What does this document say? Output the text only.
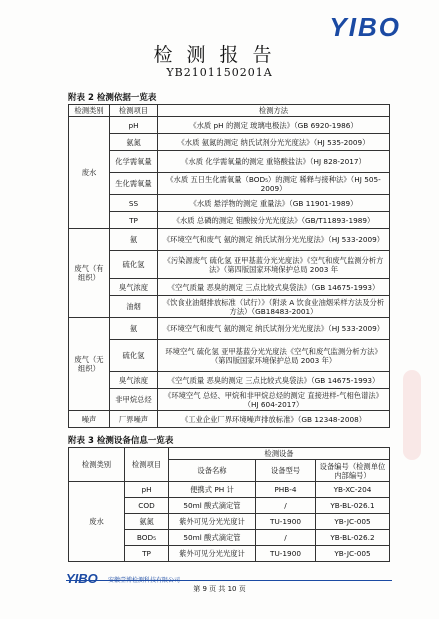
YIBO
检测报告
YB2101150201A
附表 2 检测依据一览表
检测类别	检测项目	检测方法
废水	pH	《水质 pH 的测定 玻璃电极法》（GB 6920-1986）
	氨氮	《水质 氨氮的测定 纳氏试剂分光光度法》（HJ 535-2009）
	化学需氧量	《水质 化学需氧量的测定 重铬酸盐法》（HJ 828-2017）
	生化需氧量	《水质 五日生化需氧量（BOD₅）的测定 稀释与接种法》（HJ 505-2009）
	SS	《水质 悬浮物的测定 重量法》（GB 11901-1989）
	TP	《水质 总磷的测定 钼酸铵分光光度法》（GB/T11893-1989）
废气（有组织）	氨	《环境空气和废气 氨的测定 纳氏试剂分光光度法》（HJ 533-2009）
	硫化氢	《污染源废气 硫化氢 亚甲基蓝分光光度法》《空气和废气监测分析方法》（第四版国家环境保护总局 2003 年
	臭气浓度	《空气质量 恶臭的测定 三点比较式臭袋法》（GB 14675-1993）
	油烟	《饮食业油烟排放标准（试行）》（附录 A 饮食业油烟采样方法及分析方法）（GB18483-2001）
废气（无组织）	氨	《环境空气和废气 氨的测定 纳氏试剂分光光度法》（HJ 533-2009）
	硫化氢	环境空气 硫化氢 亚甲基蓝分光光度法《空气和废气监测分析方法》（第四版国家环境保护总局 2003 年）
	臭气浓度	《空气质量 恶臭的测定 三点比较式臭袋法》（GB 14675-1993）
	非甲烷总烃	《环境空气 总烃、甲烷和非甲烷总烃的测定 直接进样-气相色谱法》（HJ 604-2017）
噪声	厂界噪声	《工业企业厂界环境噪声排放标准》（GB 12348-2008）
附表 3 检测设备信息一览表
检测类别	检测项目	检测设备		
		设备名称	设备型号	设备编号（检测单位内部编号）
废水	pH	便携式 PH 计	PHB-4	YB-XC-204
	COD	50ml 酸式滴定管	/	YB-BL-026.1
	氨氮	紫外可见分光光度计	TU-1900	YB-JC-005
	BOD₅	50ml 酸式滴定管	/	YB-BL-026.2
	TP	紫外可见分光光度计	TU-1900	YB-JC-005
YIBO 安徽壹博检测科技有限公司
第 9 页 共 10 页
